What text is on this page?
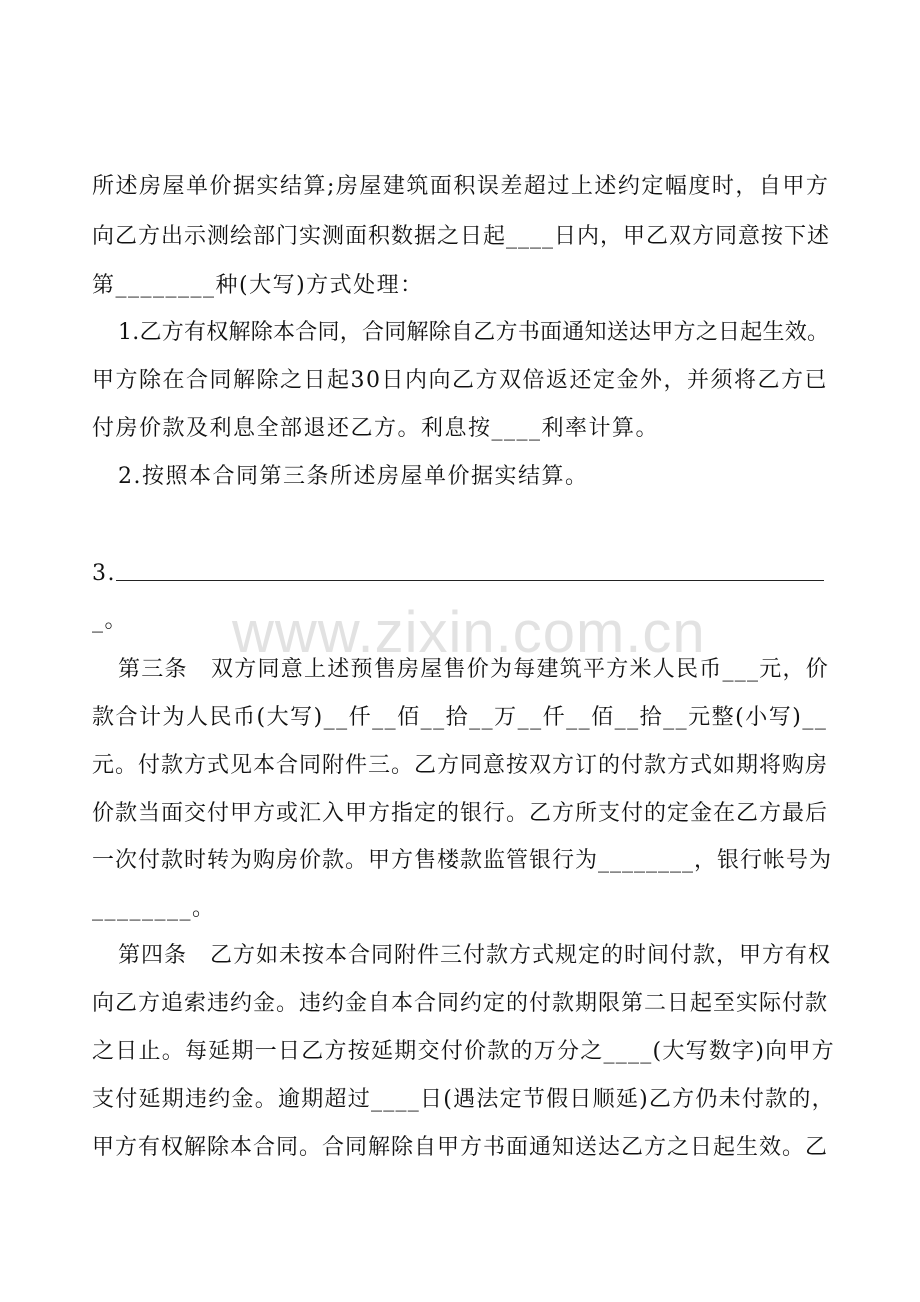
www.zixin.com.cn
所述房屋单价据实结算;房屋建筑面积误差超过上述约定幅度时，自甲方
向乙方出示测绘部门实测面积数据之日起____日内，甲乙双方同意按下述
第________种(大写)方式处理：
1.乙方有权解除本合同，合同解除自乙方书面通知送达甲方之日起生效。
甲方除在合同解除之日起30日内向乙方双倍返还定金外，并须将乙方已
付房价款及利息全部退还乙方。利息按____利率计算。
2.按照本合同第三条所述房屋单价据实结算。
3.
_。
第三条　双方同意上述预售房屋售价为每建筑平方米人民币___元，价
款合计为人民币(大写)__仟__佰__拾__万__仟__佰__拾__元整(小写)__
元。付款方式见本合同附件三。乙方同意按双方订的付款方式如期将购房
价款当面交付甲方或汇入甲方指定的银行。乙方所支付的定金在乙方最后
一次付款时转为购房价款。甲方售楼款监管银行为________，银行帐号为
________。
第四条　乙方如未按本合同附件三付款方式规定的时间付款，甲方有权
向乙方追索违约金。违约金自本合同约定的付款期限第二日起至实际付款
之日止。每延期一日乙方按延期交付价款的万分之____(大写数字)向甲方
支付延期违约金。逾期超过____日(遇法定节假日顺延)乙方仍未付款的，
甲方有权解除本合同。合同解除自甲方书面通知送达乙方之日起生效。乙
